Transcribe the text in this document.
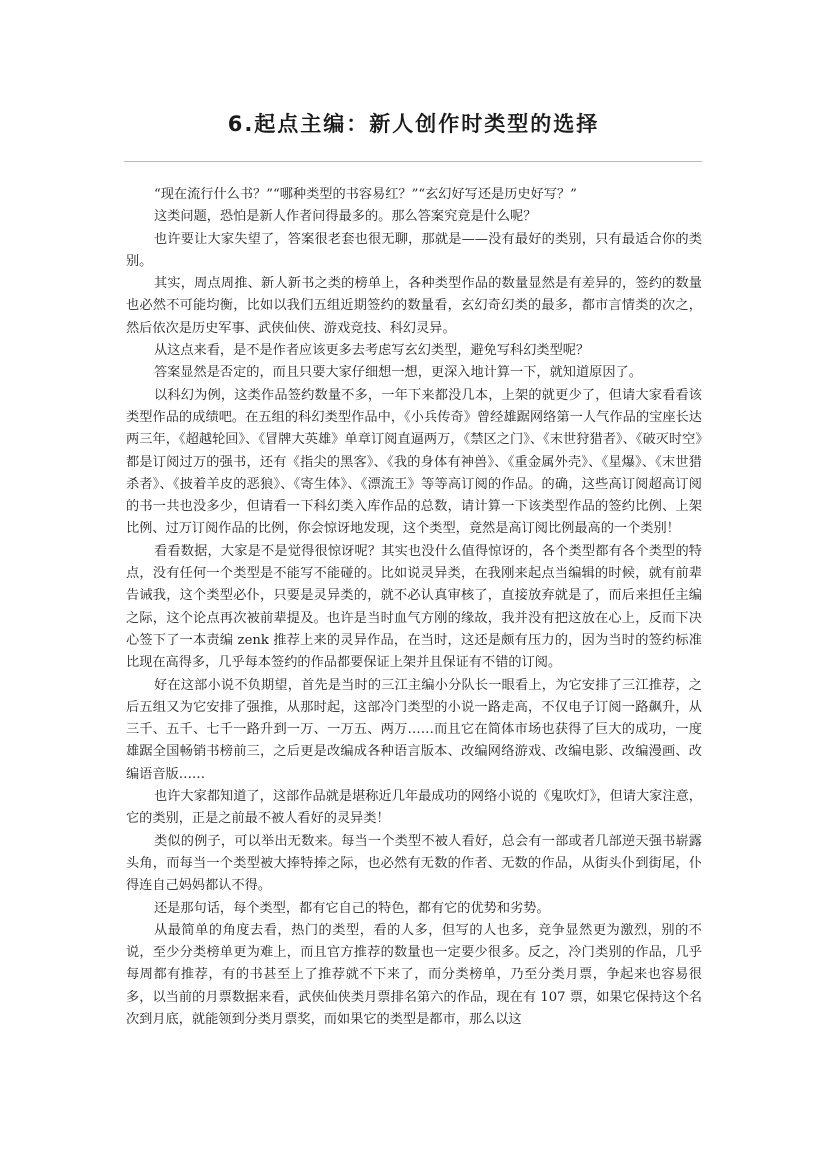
6.起点主编：新人创作时类型的选择

“现在流行什么书？”“哪种类型的书容易红？”“玄幻好写还是历史好写？”

这类问题，恐怕是新人作者问得最多的。那么答案究竟是什么呢？

也许要让大家失望了，答案很老套也很无聊，那就是——没有最好的类别，只有最适合你的类别。

其实，周点周推、新人新书之类的榜单上，各种类型作品的数量显然是有差异的，签约的数量也必然不可能均衡，比如以我们五组近期签约的数量看，玄幻奇幻类的最多，都市言情类的次之，然后依次是历史军事、武侠仙侠、游戏竞技、科幻灵异。

从这点来看，是不是作者应该更多去考虑写玄幻类型，避免写科幻类型呢？

答案显然是否定的，而且只要大家仔细想一想，更深入地计算一下，就知道原因了。

以科幻为例，这类作品签约数量不多，一年下来都没几本，上架的就更少了，但请大家看看该类型作品的成绩吧。在五组的科幻类型作品中，《小兵传奇》曾经雄踞网络第一人气作品的宝座长达两三年，《超越轮回》、《冒牌大英雄》单章订阅直逼两万，《禁区之门》、《末世狩猎者》、《破灭时空》都是订阅过万的强书，还有《指尖的黑客》、《我的身体有神兽》、《重金属外壳》、《星爆》、《末世猎杀者》、《披着羊皮的恶狼》、《寄生体》、《漂流王》等等高订阅的作品。的确，这些高订阅超高订阅的书一共也没多少，但请看一下科幻类入库作品的总数，请计算一下该类型作品的签约比例、上架比例、过万订阅作品的比例，你会惊讶地发现，这个类型，竟然是高订阅比例最高的一个类别！

看看数据，大家是不是觉得很惊讶呢？其实也没什么值得惊讶的，各个类型都有各个类型的特点，没有任何一个类型是不能写不能碰的。比如说灵异类，在我刚来起点当编辑的时候，就有前辈告诫我，这个类型必仆，只要是灵异类的，就不必认真审核了，直接放弃就是了，而后来担任主编之际，这个论点再次被前辈提及。也许是当时血气方刚的缘故，我并没有把这放在心上，反而下决心签下了一本责编 zenk 推荐上来的灵异作品，在当时，这还是颇有压力的，因为当时的签约标准比现在高得多，几乎每本签约的作品都要保证上架并且保证有不错的订阅。

好在这部小说不负期望，首先是当时的三江主编小分队长一眼看上，为它安排了三江推荐，之后五组又为它安排了强推，从那时起，这部冷门类型的小说一路走高，不仅电子订阅一路飙升，从三千、五千、七千一路升到一万、一万五、两万……而且它在简体市场也获得了巨大的成功，一度雄踞全国畅销书榜前三，之后更是改编成各种语言版本、改编网络游戏、改编电影、改编漫画、改编语音版……

也许大家都知道了，这部作品就是堪称近几年最成功的网络小说的《鬼吹灯》，但请大家注意，它的类别，正是之前最不被人看好的灵异类！

类似的例子，可以举出无数来。每当一个类型不被人看好，总会有一部或者几部逆天强书崭露头角，而每当一个类型被大捧特捧之际，也必然有无数的作者、无数的作品，从街头仆到街尾，仆得连自己妈妈都认不得。

还是那句话，每个类型，都有它自己的特色，都有它的优势和劣势。

从最简单的角度去看，热门的类型，看的人多，但写的人也多，竞争显然更为激烈，别的不说，至少分类榜单更为难上，而且官方推荐的数量也一定要少很多。反之，冷门类别的作品，几乎每周都有推荐，有的书甚至上了推荐就不下来了，而分类榜单，乃至分类月票，争起来也容易很多，以当前的月票数据来看，武侠仙侠类月票排名第六的作品，现在有 107 票，如果它保持这个名次到月底，就能领到分类月票奖，而如果它的类型是都市，那么以这
